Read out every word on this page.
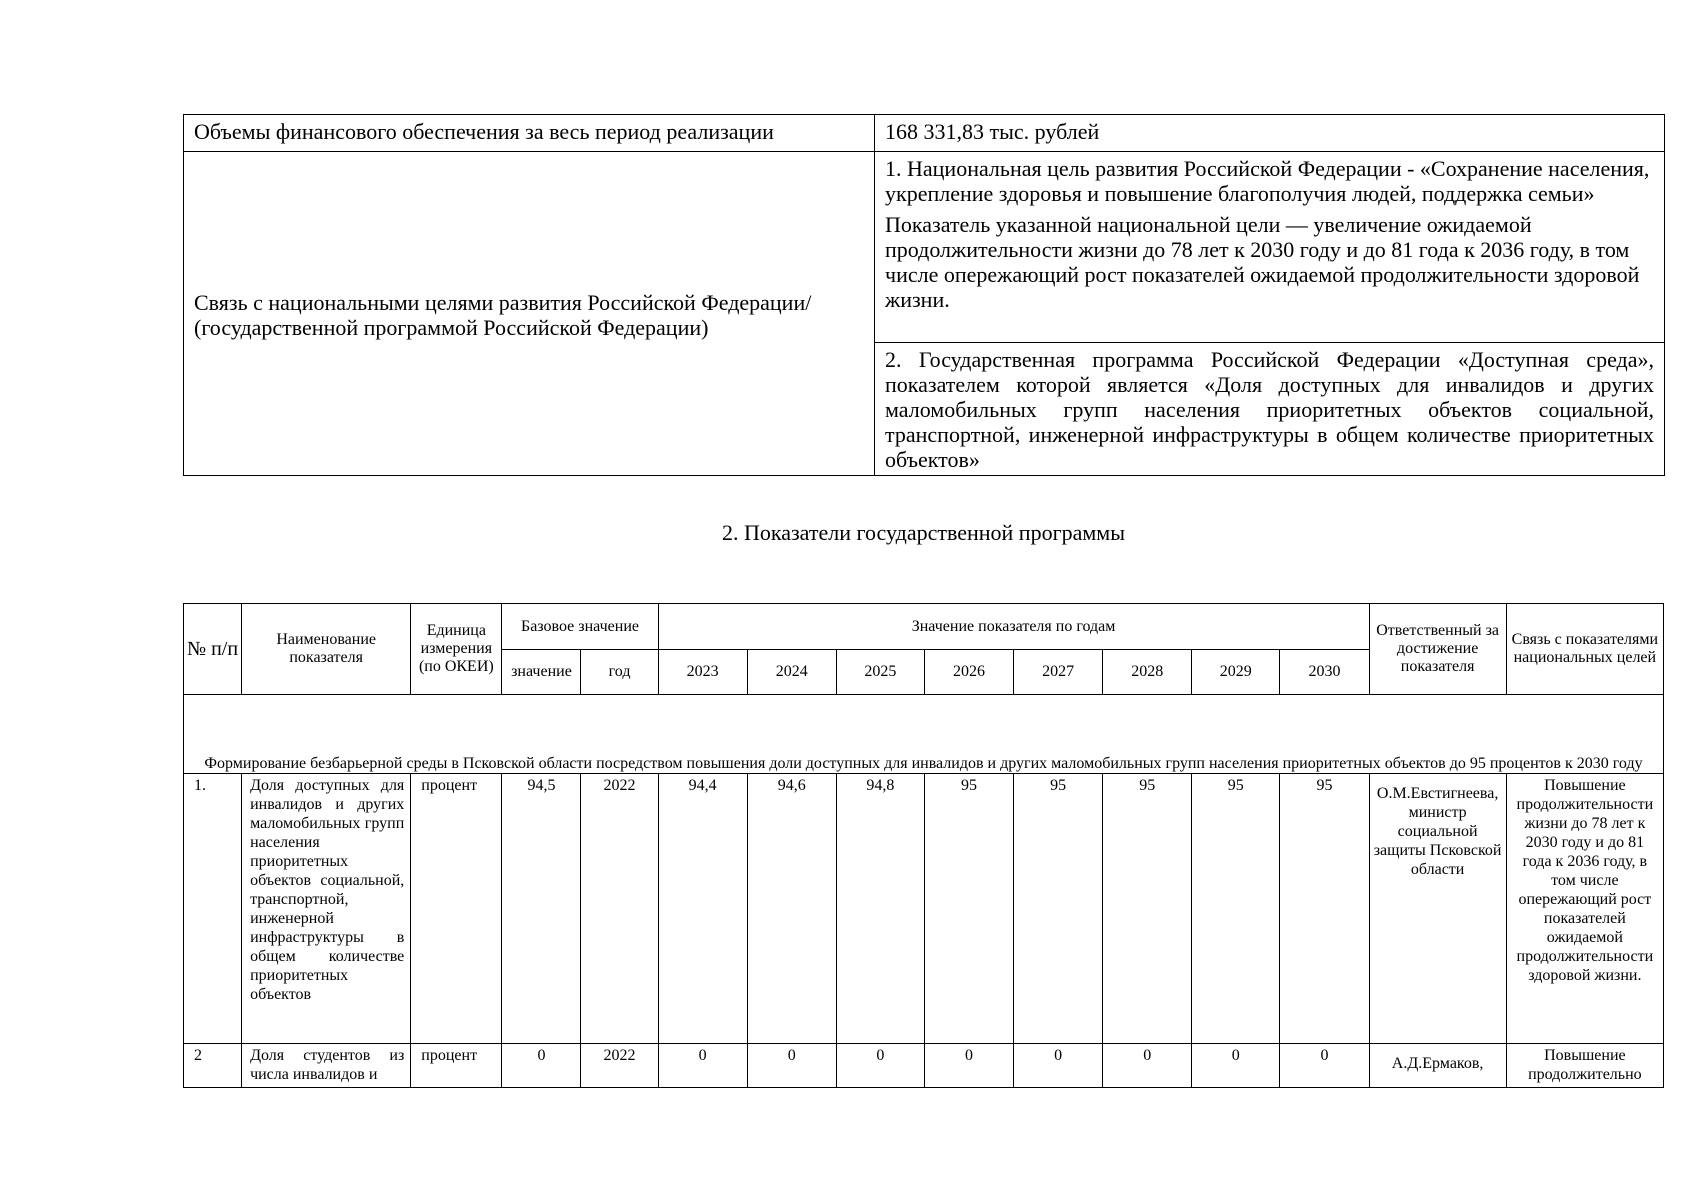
Объемы финансового обеспечения за весь период реализации	168 331,83 тыс. рублей
Связь с национальными целями развития Российской Федерации/ (государственной программой Российской Федерации)	1. Национальная цель развития Российской Федерации - «Сохранение населения, укрепление здоровья и повышение благополучия людей, поддержка семьи»

Показатель указанной национальной цели — увеличение ожидаемой продолжительности жизни до 78 лет к 2030 году и до 81 года к 2036 году, в том числе опережающий рост показателей ожидаемой продолжительности здоровой жизни.

	2. Государственная программа Российской Федерации «Доступная среда», показателем которой является «Доля доступных для инвалидов и других маломобильных групп населения приоритетных объектов социальной, транспортной, инженерной инфраструктуры в общем количестве приоритетных объектов»
2. Показатели государственной программы
№ п/п	Наименование показателя	Единица измерения (по ОКЕИ)	Базовое значение		Значение показателя по годам								Ответственный за достижение показателя	Связь с показателями национальных целей
			значение	год	2023	2024	2025	2026	2027	2028	2029	2030		
Формирование безбарьерной среды в Псковской области посредством повышения доли доступных для инвалидов и других маломобильных групп населения приоритетных объектов до 95 процентов к 2030 году														
1.	Доля доступных для инвалидов и других маломобильных групп населения приоритетных объектов социальной, транспортной, инженерной инфраструктуры в общем количестве приоритетных объектов	процент	94,5	2022	94,4	94,6	94,8	95	95	95	95	95	О.М.Евстигнеева, министр социальной защиты Псковской области	Повышение продолжительности жизни до 78 лет к 2030 году и до 81 года к 2036 году, в том числе опережающий рост показателей ожидаемой продолжительности здоровой жизни.
2	Доля студентов из числа инвалидов и	процент	0	2022	0	0	0	0	0	0	0	0	А.Д.Ермаков,	Повышение продолжительно
